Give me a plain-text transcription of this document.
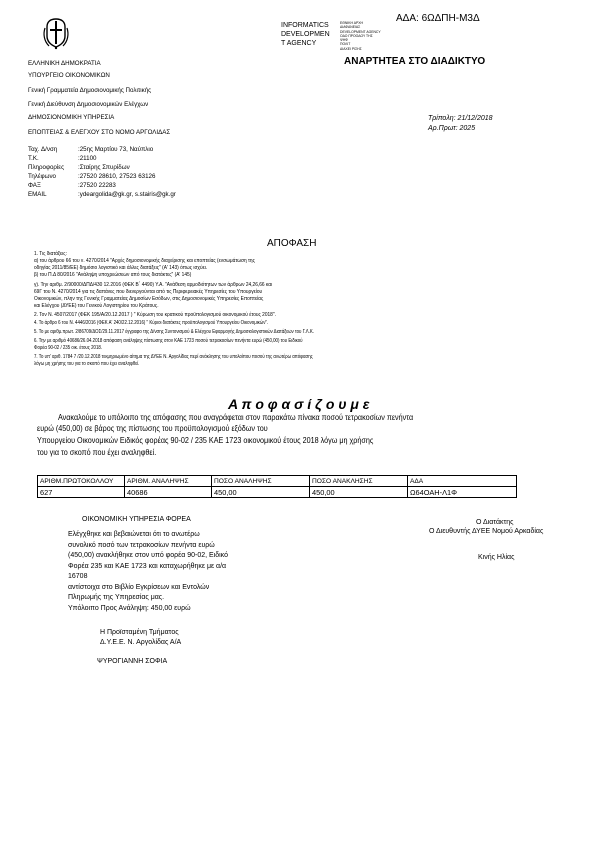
ΑΔΑ: 6ΩΔΠΗ-Μ3Δ
INFORMATICS
DEVELOPMEN
T AGENCY
ΕΘΝΙΚΗ ΑΡΧΗ
ΔΙΑΦΑΝΕΙΑΣ
DEVELOPMENT AGENCY
ΟΔΟ ΠΡΟΟΔΟΥ ΤΗΣ
ΨΗΦ
ΠΟΛΙΤ
ΔΙΑΧΕΙ ΡΙΣΗΣ
ΑΝΑΡΤΗΤΕΑ ΣΤΟ ΔΙΑΔΙΚΤΥΟ
ΕΛΛΗΝΙΚΗ ΔΗΜΟΚΡΑΤΙΑ
ΥΠΟΥΡΓΕΙΟ ΟΙΚΟΝΟΜΙΚΩΝ
Γενική Γραμματεία Δημοσιονομικής Πολιτικής
Γενική Διεύθυνση Δημοσιονομικών Ελέγχων
ΔΗΜΟΣΙΟΝΟΜΙΚΗ ΥΠΗΡΕΣΙΑ
ΕΠΟΠΤΕΙΑΣ & ΕΛΕΓΧΟΥ ΣΤΟ ΝΟΜΟ ΑΡΓΟΛΙΔΑΣ
Τρίπολη: 21/12/2018
Αρ.Πρωτ: 2025
Ταχ. Δ/νση	:25ης Μαρτίου 73, Ναύπλιο
Τ.Κ.	:21100
Πληροφορίες :Σταίρης Σπυρίδων
Τηλέφωνο	:27520 28610, 27523 63126
ΦΑΞ	:27520 22283
EMAIL	:ydeargolida@gk.gr, s.stairis@gk.gr
ΑΠΟΦΑΣΗ
1. Τις διατάξεις:
α) του άρθρου 66 του ν. 4270/2014 "Αρχές δημοσιονομικής διαχείρισης και εποπτείας (ενσωμάτωση της
οδηγίας 2011/85/ΕΕ) δημόσιο λογιστικό και άλλες διατάξεις" (Α' 143) όπως ισχύει.
β) του Π.Δ 80/2016 "Ανάληψη υποχρεώσεων από τους διατάκτες" (Α' 145)
γ). Την αριθμ. 2/90000/ΔΠΔ/430 12.2016 (ΦΕΚ Β΄ 4490) Υ.Α. "Ανάθεση αρμοδιότητων των άρθρων 24,26,66 και
69Γ του Ν. 4270/2014 για τις δαπάνες που διενεργούνται από τις Περιφερειακές Υπηρεσίες του Υπουργείου
Οικονομικών, πλην της Γενικής Γραμματείας Δημοσίων Εσόδων, στις Δημοσιονομικές Υπηρεσίες Εποπτείας
και Ελέγχου (ΔΥΕΕ) του Γενικού Λογιστηρίου του Κράτους.
2. Τον Ν. 4507/2017 (ΦΕΚ 195/Α/20.12.2017 ) " Κύρωση του κρατικού προϋπολογισμού οικονομικού έτους 2018".
4. Το άρθρο 6 του Ν. 4446/2016 (ΦΕΚ Α' 240/22.12.2016) " Κύριοι διατάκτες προϋπολογισμού Υπουργείου Οικονομικών".
5. Το με αριθμ.πρωτ. 2/86709/ΔΟΣ/29.11.2017 έγγραφο της Δ/νσης Συντονισμού & Ελέγχου Εφαρμογής Δημοσιολογιστικών Διατάξεων του Γ.Λ.Κ.
6. Την με αριθμό 40686/26.04.2018 απόφαση ανάληψης πίστωσης στον ΚΑΕ 1723 ποσού τετρακοσίων πενήντα ευρώ (450,00) του Ειδικού
Φορέα 90-02 / 235 οικ. έτους 2018.
7. Το υπ' αριθ. 1784 7 /20.12.2018 τεκμηριωμένο αίτημα της ΔΥΕΕ Ν. Αργολίδας περί ανάκλησης του υπολοίπου ποσού της ανωτέρω απόφασης
λόγω μη χρήσης του για το σκοπό που έχει αναληφθεί.
Α π ο φ α σ ί ζ ο υ μ ε
Ανακαλούμε το υπόλοιπο της απόφασης που αναγράφεται στον παρακάτω πίνακα ποσού τετρακοσίων πενήντα
ευρώ (450,00) σε βάρος της πίστωσης του προϋπολογισμού εξόδων του
Υπουργείου Οικονομικών Ειδικός φορέας 90-02 / 235 ΚΑΕ 1723 οικονομικού έτους 2018 λόγω μη χρήσης
του για το σκοπό που έχει αναληφθεί.
ΑΡΙΘΜ.ΠΡΩΤΟΚΟΛΛΟΥ	ΑΡΙΘΜ. ΑΝΑΛΗΨΗΣ	ΠΟΣΟ ΑΝΑΛΗΨΗΣ	ΠΟΣΟ ΑΝΑΚΛΗΣΗΣ	ΑΔΑ
627	40686	450,00	450,00	Ω64ΟΑΗ-Λ1Φ
ΟΙΚΟΝΟΜΙΚΗ ΥΠΗΡΕΣΙΑ ΦΟΡΕΑ
Ελέγχθηκε και βεβαιώνεται ότι το ανωτέρω
συνολικό ποσό των τετρακοσίων πενήντα ευρώ
(450,00) ανακλήθηκε στον υπό φορέα 90-02, Ειδικό
Φορέα 235 και ΚΑΕ 1723 και καταχωρήθηκε με α/α
16708
αντίστοιχα στο Βιβλίο Εγκρίσεων και Εντολών
Πληρωμής της Υπηρεσίας μας.
Υπόλοιπο Προς Ανάληψη: 450,00 ευρώ
Ο Διατάκτης
Ο Διευθυντής ΔΥΕΕ Νομού Αρκαδίας
Κινής Ηλίας
Η Προϊσταμένη Τμήματος
Δ.Υ.Ε.Ε. Ν. Αργολίδας Α/Α
ΨΥΡΟΓΙΑΝΝΗ ΣΟΦΙΑ
